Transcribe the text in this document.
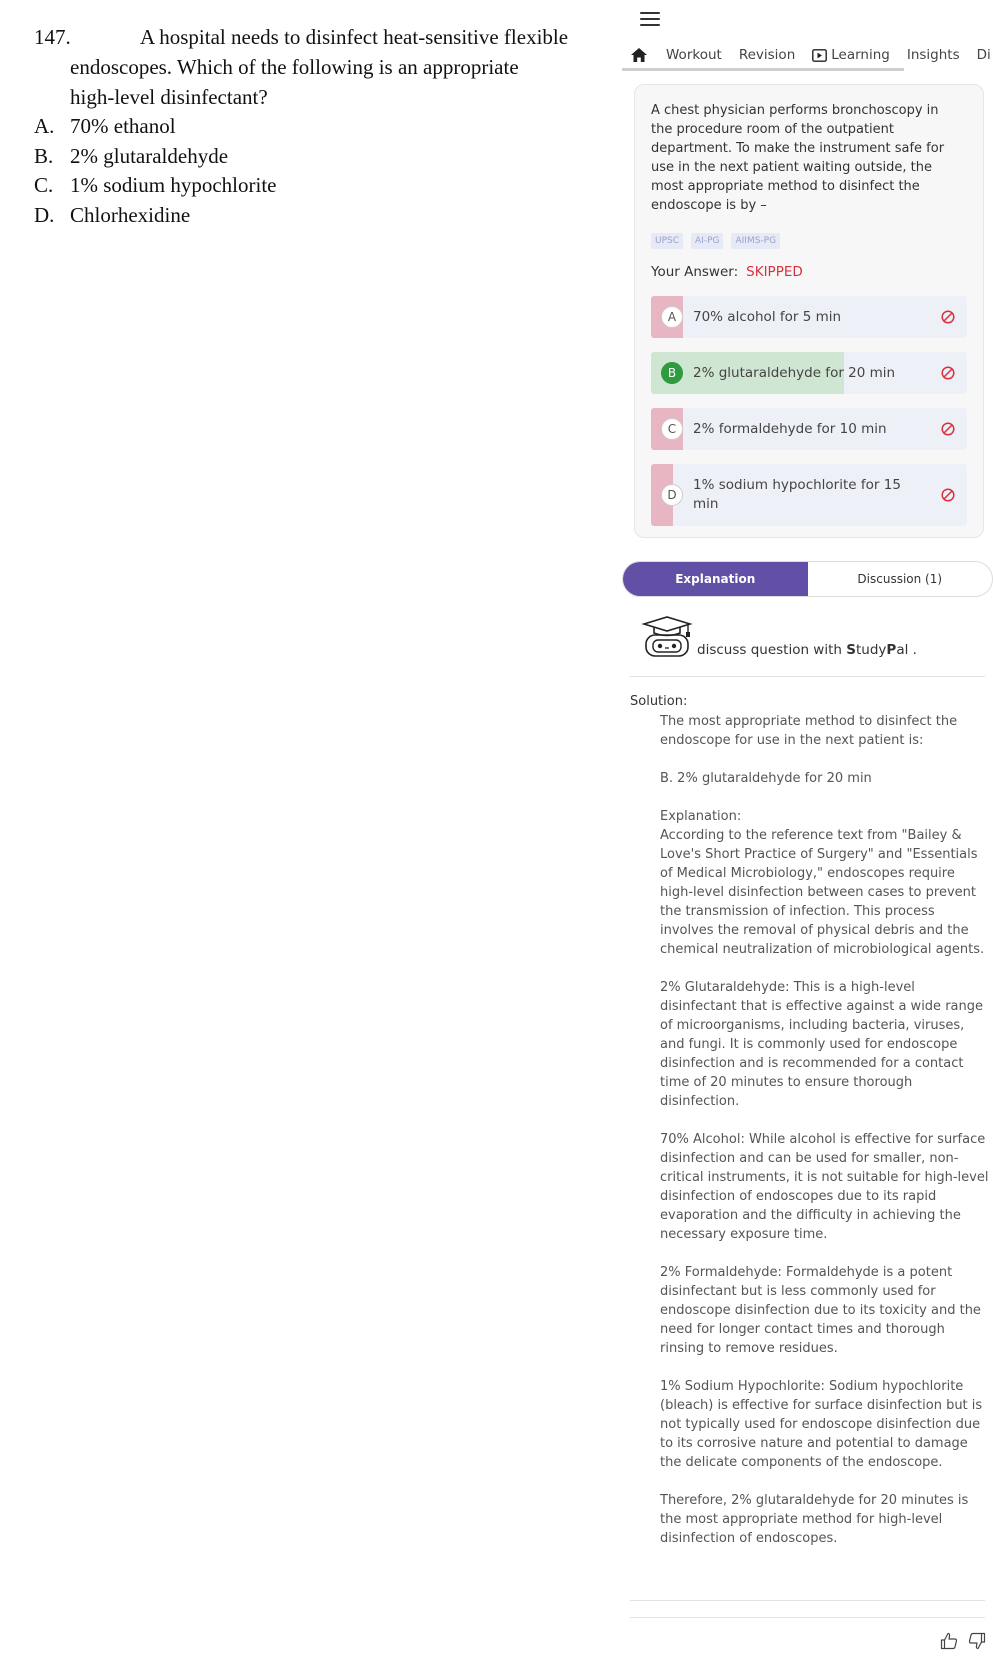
147.	A hospital needs to disinfect heat-sensitive flexible
endoscopes. Which of the following is an appropriate high-level disinfectant?
A. 70% ethanol
B. 2% glutaraldehyde
C. 1% sodium hypochlorite
D. Chlorhexidine
Workout Revision	Learning Insights Di
A chest physician performs bronchoscopy in the procedure room of the outpatient department. To make the instrument safe for use in the next patient waiting outside, the most appropriate method to disinfect the endoscope is by –
UPSC	AI-PG	AIIMS-PG
Your Answer: SKIPPED
A	70% alcohol for 5 min
B	2% glutaraldehyde for 20 min
C	2% formaldehyde for 10 min
D
1% sodium hypochlorite for 15 min
Explanation	Discussion (1)
discuss question with StudyPal .
Solution:

The most appropriate method to disinfect the endoscope for use in the next patient is:

B. 2% glutaraldehyde for 20 min

Explanation:
According to the reference text from "Bailey & Love's Short Practice of Surgery" and "Essentials of Medical Microbiology," endoscopes require high-level disinfection between cases to prevent the transmission of infection. This process involves the removal of physical debris and the chemical neutralization of microbiological agents.

2% Glutaraldehyde: This is a high-level disinfectant that is effective against a wide range of microorganisms, including bacteria, viruses, and fungi. It is commonly used for endoscope disinfection and is recommended for a contact time of 20 minutes to ensure thorough disinfection.

70% Alcohol: While alcohol is effective for surface disinfection and can be used for smaller, non-critical instruments, it is not suitable for high-level disinfection of endoscopes due to its rapid evaporation and the difficulty in achieving the necessary exposure time.

2% Formaldehyde: Formaldehyde is a potent disinfectant but is less commonly used for endoscope disinfection due to its toxicity and the need for longer contact times and thorough rinsing to remove residues.

1% Sodium Hypochlorite: Sodium hypochlorite (bleach) is effective for surface disinfection but is not typically used for endoscope disinfection due to its corrosive nature and potential to damage the delicate components of the endoscope.

Therefore, 2% glutaraldehyde for 20 minutes is the most appropriate method for high-level disinfection of endoscopes.
